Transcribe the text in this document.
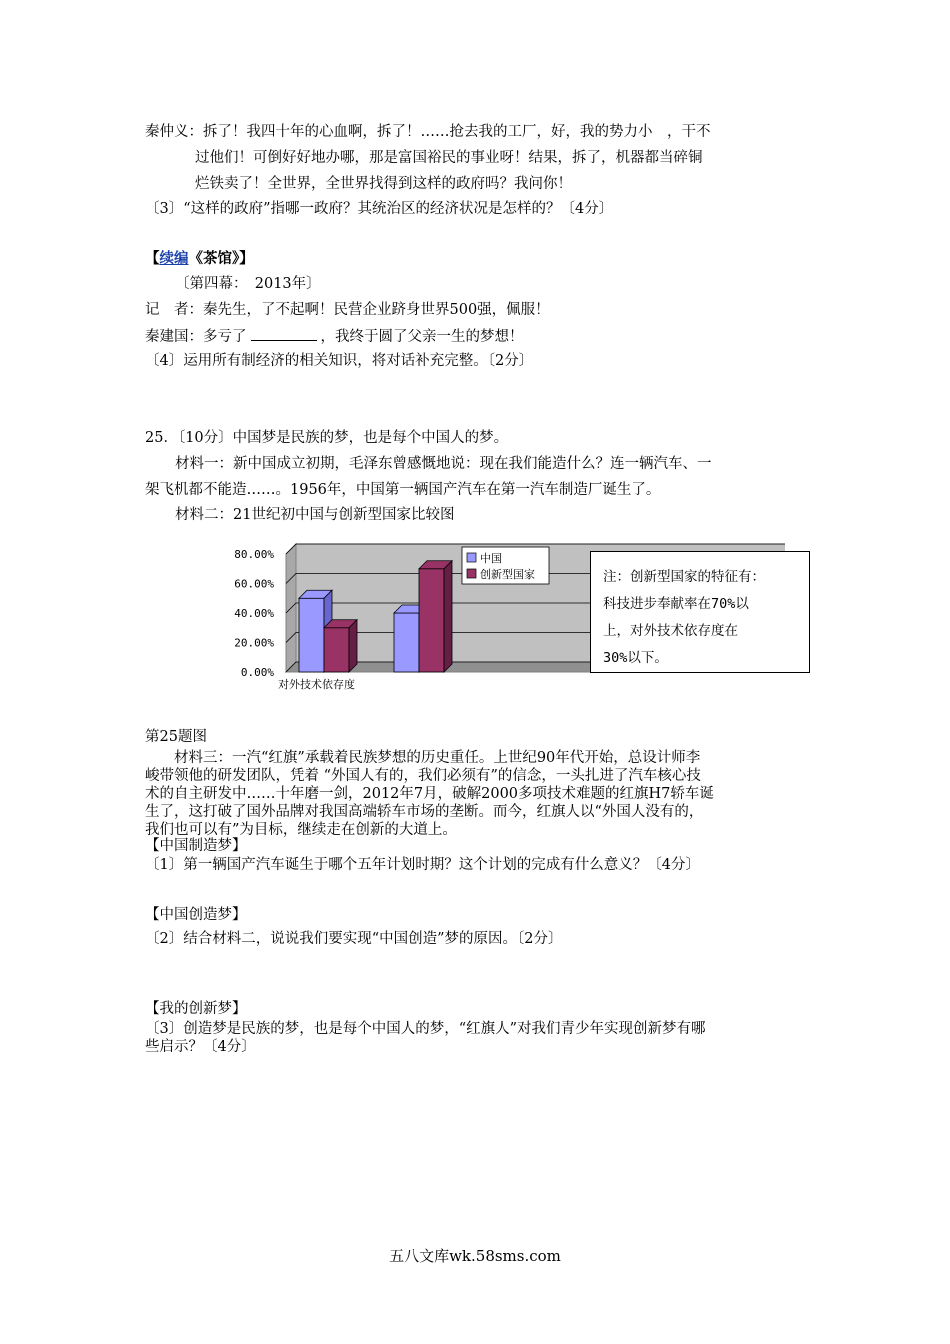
秦仲义：拆了！我四十年的心血啊，拆了！……抢去我的工厂，好，我的势力小　，干不
过他们！可倒好好地办哪，那是富国裕民的事业呀！结果，拆了，机器都当碎铜
烂铁卖了！全世界，全世界找得到这样的政府吗？我问你！
〔3〕“这样的政府”指哪一政府？其统治区的经济状况是怎样的？〔4分〕
【续编《茶馆》】
〔第四幕：　2013年〕
记　者：秦先生，了不起啊！民营企业跻身世界500强，佩服！
秦建国：多亏了	，我终于圆了父亲一生的梦想！
〔4〕运用所有制经济的相关知识，将对话补充完整。〔2分〕
25．〔10分〕中国梦是民族的梦，也是每个中国人的梦。
材料一：新中国成立初期，毛泽东曾感慨地说：现在我们能造什么？连一辆汽车、一
架飞机都不能造……。1956年，中国第一辆国产汽车在第一汽车制造厂诞生了。
材料二：21世纪初中国与创新型国家比较图
0.00%
20.00%
40.00%
60.00%
80.00%
对外技术依存度
中国
创新型国家	注：创新型国家的特征有：
科技进步奉献率在70%以
上，对外技术依存度在
30%以下。
第25题图
　　材料三：一汽“红旗”承载着民族梦想的历史重任。上世纪90年代开始，总设计师李
峻带领他的研发团队，凭着 “外国人有的，我们必须有”的信念，一头扎进了汽车核心技
术的自主研发中……十年磨一剑，2012年7月，破解2000多项技术难题的红旗H7轿车诞
生了，这打破了国外品牌对我国高端轿车市场的垄断。而今，红旗人以“外国人没有的，
我们也可以有”为目标，继续走在创新的大道上。
【中国制造梦】
〔1〕第一辆国产汽车诞生于哪个五年计划时期？这个计划的完成有什么意义？〔4分〕
【中国创造梦】
〔2〕结合材料二，说说我们要实现“中国创造”梦的原因。〔2分〕
【我的创新梦】
〔3〕创造梦是民族的梦，也是每个中国人的梦，“红旗人”对我们青少年实现创新梦有哪
些启示？〔4分〕
五八文库wk.58sms.com
